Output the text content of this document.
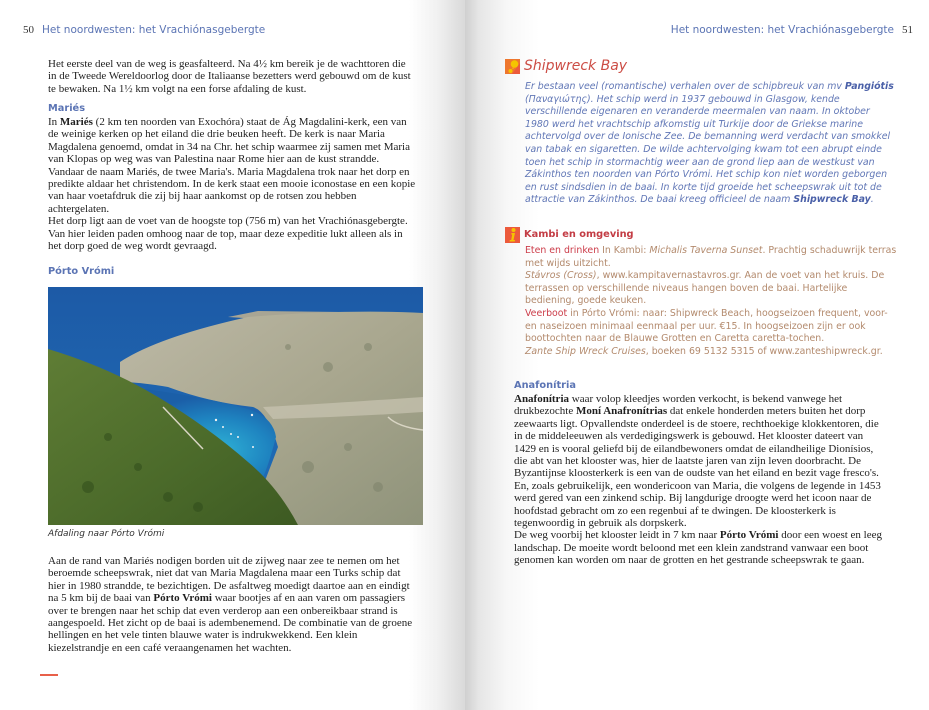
50 Het noordwesten: het Vrachiónasgebergte

Het eerste deel van de weg is geasfalteerd. Na 4½ km bereik je de wachttoren die in de Tweede Wereldoorlog door de Italiaanse bezetters werd gebouwd om de kust te bewaken. Na 1½ km volgt na een forse afdaling de kust.

Mariés

In Mariés (2 km ten noorden van Exochóra) staat de Ág Magdalini-kerk, een van de weinige kerken op het eiland die drie beuken heeft. De kerk is naar Maria Magdalena genoemd, omdat in 34 na Chr. het schip waarmee zij samen met Maria van Klopas op weg was van Palestina naar Rome hier aan de kust strandde. Vandaar de naam Mariés, de twee Maria's. Maria Magdalena trok naar het dorp en predikte aldaar het christendom. In de kerk staat een mooie iconostase en een kopie van haar voetafdruk die zij bij haar aankomst op de rotsen zou hebben achtergelaten.

Het dorp ligt aan de voet van de hoogste top (756 m) van het Vrachiónasgebergte. Van hier leiden paden omhoog naar de top, maar deze expeditie lukt alleen als in het dorp goed de weg wordt gevraagd.

Pórto Vrómi
Afdaling naar Pórto Vrómi

Aan de rand van Mariés nodigen borden uit de zijweg naar zee te nemen om het beroemde scheepswrak, niet dat van Maria Magdalena maar een Turks schip dat hier in 1980 strandde, te bezichtigen. De asfaltweg moedigt daartoe aan en eindigt na 5 km bij de baai van Pórto Vrómi waar bootjes af en aan varen om passagiers over te brengen naar het schip dat even verderop aan een onbereikbaar strand is aangespoeld. Het zicht op de baai is adembenemend. De combinatie van de groene hellingen en het vele tinten blauwe water is indrukwekkend. Een klein kiezelstrandje en een café veraangenamen het wachten.

Het noordwesten: het Vrachiónasgebergte 51
Shipwreck Bay

Er bestaan veel (romantische) verhalen over de schipbreuk van mv Pangiótis (Παναγιώτης). Het schip werd in 1937 gebouwd in Glasgow, kende verschillende eigenaren en veranderde meermalen van naam. In oktober 1980 werd het vrachtschip afkomstig uit Turkije door de Griekse marine achtervolgd over de Ionische Zee. De bemanning werd verdacht van smokkel van tabak en sigaretten. De wilde achtervolging kwam tot een abrupt einde toen het schip in stormachtig weer aan de grond liep aan de westkust van Zákinthos ten noorden van Pórto Vrómi. Het schip kon niet worden geborgen en rust sindsdien in de baai. In korte tijd groeide het scheepswrak uit tot de attractie van Zákinthos. De baai kreeg officieel de naam Shipwreck Bay.

Kambi en omgeving

Eten en drinken In Kambi: Michalis Taverna Sunset. Prachtig schaduwrijk terras met wijds uitzicht.
Stávros (Cross), www.kampitavernastavros.gr. Aan de voet van het kruis. De terrassen op verschillende niveaus hangen boven de baai. Hartelijke bediening, goede keuken.
Veerboot in Pórto Vrómi: naar: Shipwreck Beach, hoogseizoen frequent, voor- en naseizoen minimaal eenmaal per uur. €15. In hoogseizoen zijn er ook boottochten naar de Blauwe Grotten en Caretta caretta-tochen.
Zante Ship Wreck Cruises, boeken 69 5132 5315 of www.zanteshipwreck.gr.

Anafonítria

Anafonítria waar volop kleedjes worden verkocht, is bekend vanwege het drukbezochte Moní Anafronítrias dat enkele honderden meters buiten het dorp zeewaarts ligt. Opvallendste onderdeel is de stoere, rechthoekige klokkentoren, die in de middeleeuwen als verdedigingswerk is gebouwd. Het klooster dateert van 1429 en is vooral geliefd bij de eilandbewoners omdat de eilandheilige Dionísios, die abt van het klooster was, hier de laatste jaren van zijn leven doorbracht. De Byzantijnse kloosterkerk is een van de oudste van het eiland en bezit vage fresco's. En, zoals gebruikelijk, een wondericoon van Maria, die volgens de legende in 1453 werd gered van een zinkend schip. Bij langdurige droogte werd het icoon naar de hoofdstad gebracht om zo een regenbui af te dwingen. De kloosterkerk is tegenwoordig in gebruik als dorpskerk.

De weg voorbij het klooster leidt in 7 km naar Pórto Vrómi door een woest en leeg landschap. De moeite wordt beloond met een klein zandstrand vanwaar een boot genomen kan worden om naar de grotten en het gestrande scheepswrak te gaan.
